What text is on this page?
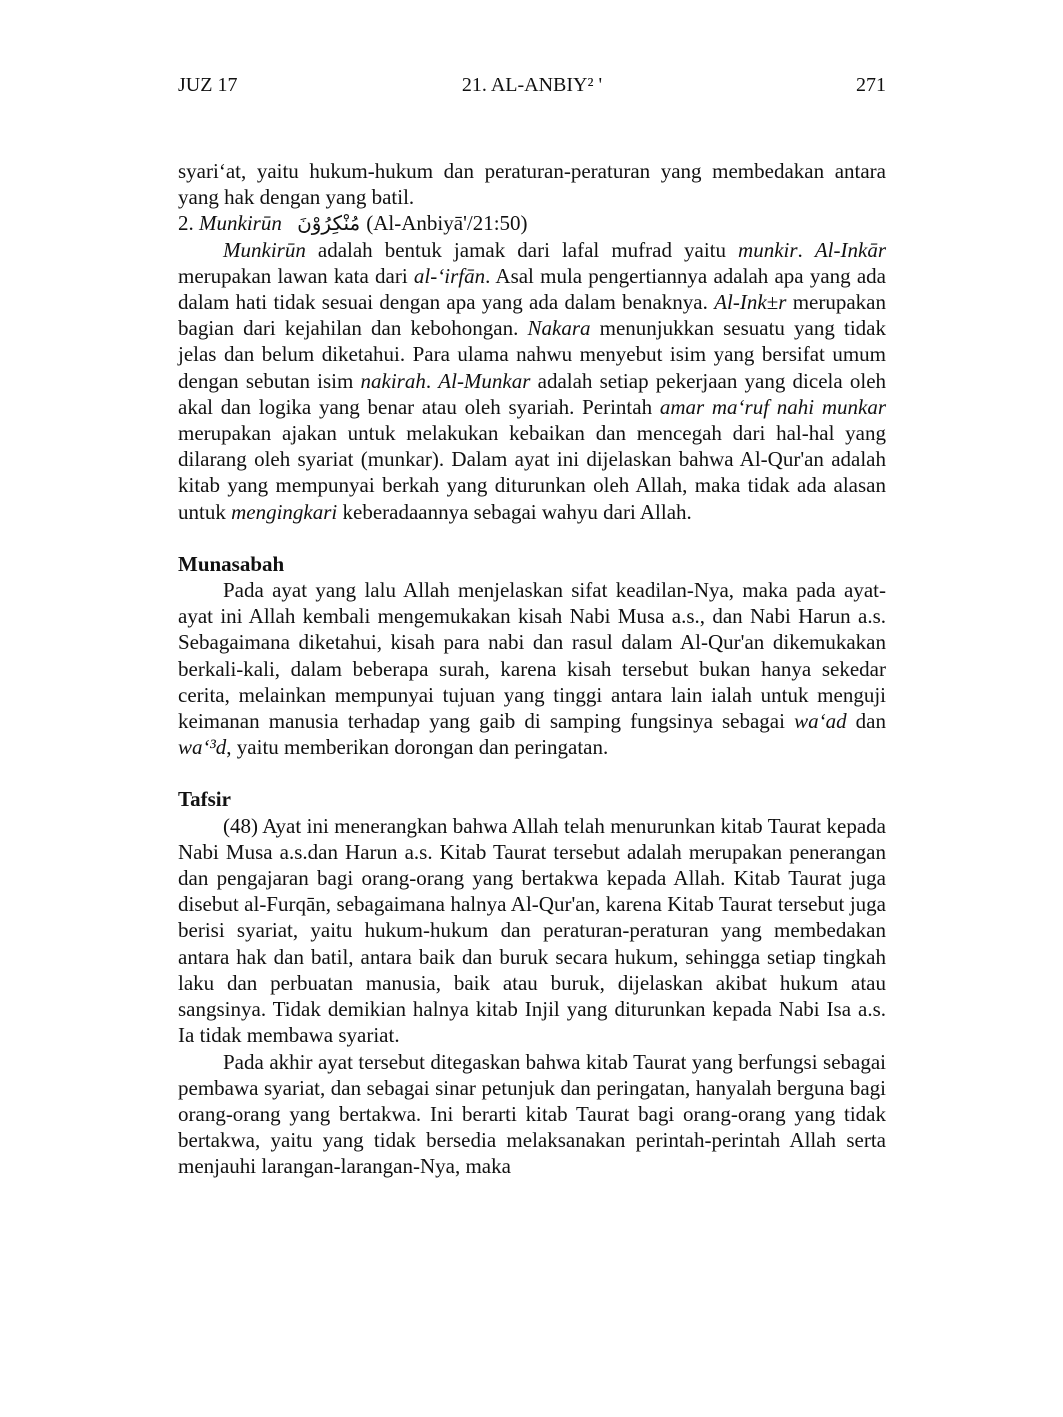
JUZ 17	21. AL-ANBIY² '	271

syari‘at, yaitu hukum-hukum dan peraturan-peraturan yang membedakan antara yang hak dengan yang batil.

2. Munkirūn مُنْكِرُوْنَ (Al-Anbiyā'/21:50)

Munkirūn adalah bentuk jamak dari lafal mufrad yaitu munkir. Al-Inkār merupakan lawan kata dari al-‘irfān. Asal mula pengertiannya adalah apa yang ada dalam hati tidak sesuai dengan apa yang ada dalam benaknya. Al-Ink±r merupakan bagian dari kejahilan dan kebohongan. Nakara menunjukkan sesuatu yang tidak jelas dan belum diketahui. Para ulama nahwu menyebut isim yang bersifat umum dengan sebutan isim nakirah. Al-Munkar adalah setiap pekerjaan yang dicela oleh akal dan logika yang benar atau oleh syariah. Perintah amar ma‘ruf nahi munkar merupakan ajakan untuk melakukan kebaikan dan mencegah dari hal-hal yang dilarang oleh syariat (munkar). Dalam ayat ini dijelaskan bahwa Al-Qur'an adalah kitab yang mempunyai berkah yang diturunkan oleh Allah, maka tidak ada alasan untuk mengingkari keberadaannya sebagai wahyu dari Allah.

Munasabah

Pada ayat yang lalu Allah menjelaskan sifat keadilan-Nya, maka pada ayat-ayat ini Allah kembali mengemukakan kisah Nabi Musa a.s., dan Nabi Harun a.s. Sebagaimana diketahui, kisah para nabi dan rasul dalam Al-Qur'an dikemukakan berkali-kali, dalam beberapa surah, karena kisah tersebut bukan hanya sekedar cerita, melainkan mempunyai tujuan yang tinggi antara lain ialah untuk menguji keimanan manusia terhadap yang gaib di samping fungsinya sebagai wa‘ad dan wa‘³d, yaitu memberikan dorongan dan peringatan.

Tafsir

(48) Ayat ini menerangkan bahwa Allah telah menurunkan kitab Taurat kepada Nabi Musa a.s.dan Harun a.s. Kitab Taurat tersebut adalah merupakan penerangan dan pengajaran bagi orang-orang yang bertakwa kepada Allah. Kitab Taurat juga disebut al-Furqān, sebagaimana halnya Al-Qur'an, karena Kitab Taurat tersebut juga berisi syariat, yaitu hukum-hukum dan peraturan-peraturan yang membedakan antara hak dan batil, antara baik dan buruk secara hukum, sehingga setiap tingkah laku dan perbuatan manusia, baik atau buruk, dijelaskan akibat hukum atau sangsinya. Tidak demikian halnya kitab Injil yang diturunkan kepada Nabi Isa a.s. Ia tidak membawa syariat.

Pada akhir ayat tersebut ditegaskan bahwa kitab Taurat yang berfungsi sebagai pembawa syariat, dan sebagai sinar petunjuk dan peringatan, hanyalah berguna bagi orang-orang yang bertakwa. Ini berarti kitab Taurat bagi orang-orang yang tidak bertakwa, yaitu yang tidak bersedia melaksanakan perintah-perintah Allah serta menjauhi larangan-larangan-Nya, maka
